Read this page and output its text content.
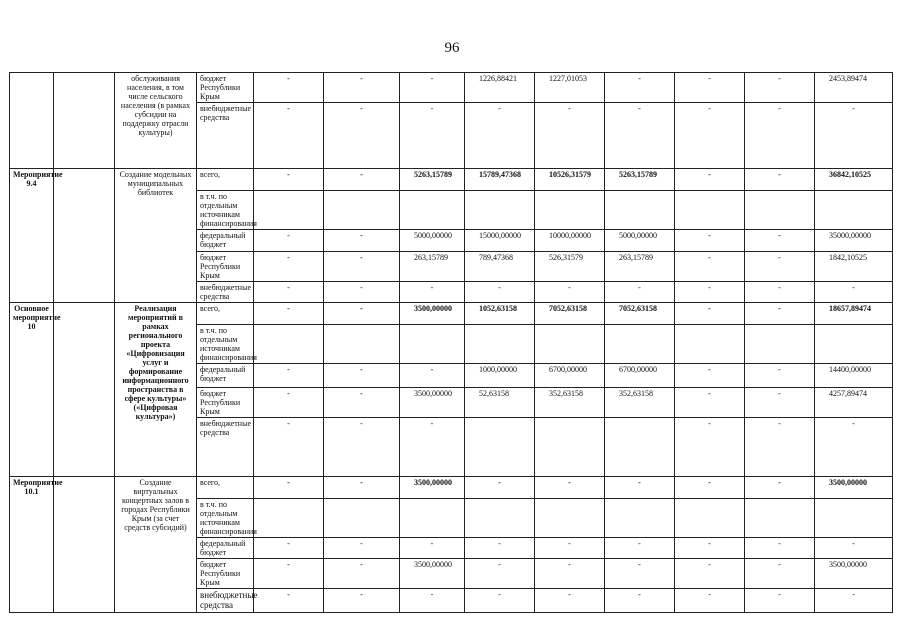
96
		обслуживания населения, в том числе сельского населения (в рамках субсидии на поддержку отрасли культуры)	бюджет Республики Крым	-	-	-	1226,88421	1227,01053	-	-	-	2453,89474
			внебюджетные средства	-	-	-	-	-	-	-	-	-
Мероприятие 9.4		Создание модельных муниципальных библиотек	всего,	-	-	5263,15789	15789,47368	10526,31579	5263,15789	-	-	36842,10525
			в т.ч. по отдельным источникам финансирования									
			федеральный бюджет	-	-	5000,00000	15000,00000	10000,00000	5000,00000	-	-	35000,00000
			бюджет Республики Крым	-	-	263,15789	789,47368	526,31579	263,15789	-	-	1842,10525
			внебюджетные средства	-	-	-	-	-	-	-	-	-
Основное мероприятие 10		Реализация мероприятий в рамках регионального проекта «Цифровизация услуг и формирование информационного пространства в сфере культуры» («Цифровая культура»)	всего,	-	-	3500,00000	1052,63158	7052,63158	7052,63158	-	-	18657,89474
			в т.ч. по отдельным источникам финансирования									
			федеральный бюджет	-	-	-	1000,00000	6700,00000	6700,00000	-	-	14400,00000
			бюджет Республики Крым	-	-	3500,00000	52,63158	352,63158	352,63158	-	-	4257,89474
			внебюджетные средства	-	-	-				-	-	-
Мероприятие 10.1		Создание виртуальных концертных залов в городах Республики Крым (за счет средств субсидий)	всего,	-	-	3500,00000	-	-	-	-	-	3500,00000
			в т.ч. по отдельным источникам финансирования									
			федеральный бюджет	-	-	-	-	-	-	-	-	-
			бюджет Республики Крым	-	-	3500,00000	-	-	-	-	-	3500,00000
			внебюджетные средства	-	-	-	-	-	-	-	-	-
